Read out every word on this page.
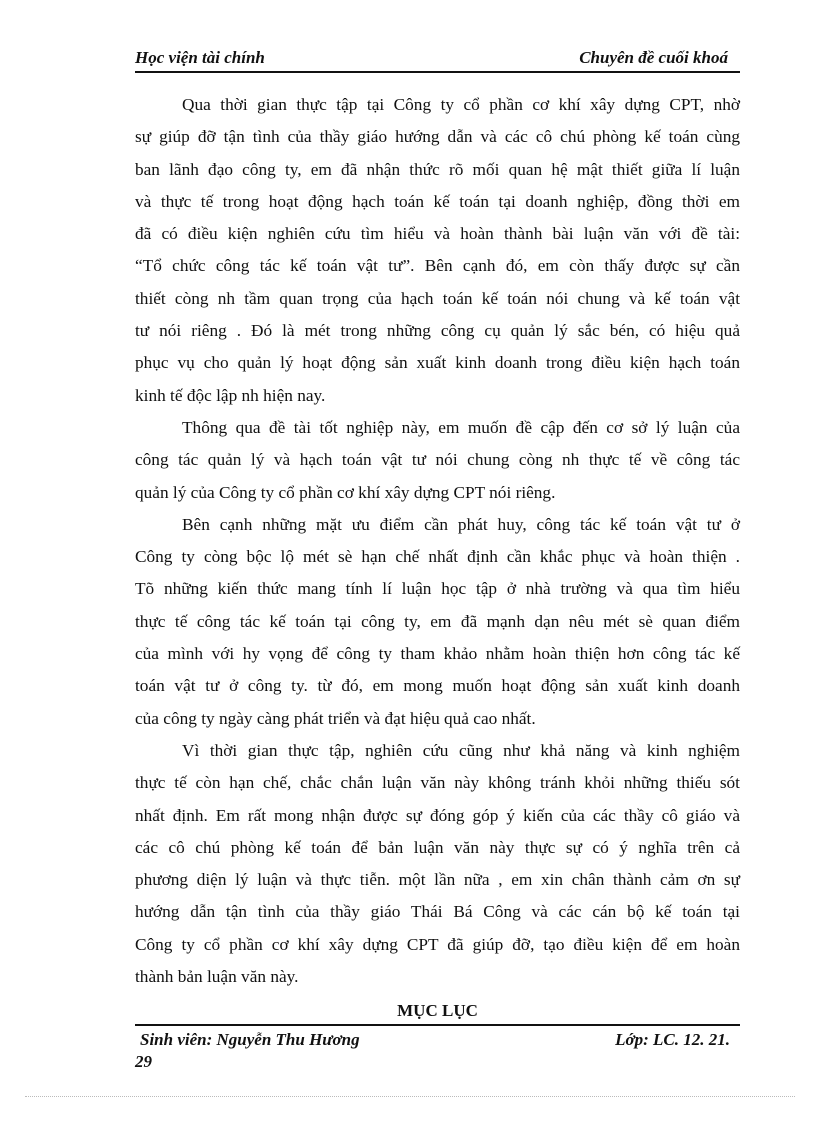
Học viện tài chính	Chuyên đề cuối khoá
Qua thời gian thực tập tại Công ty cổ phần cơ khí xây dựng CPT, nhờ
sự giúp đỡ tận tình của thầy giáo hướng dẫn và các cô chú phòng kế toán cùng
ban lãnh đạo công ty, em đã nhận thức rõ mối quan hệ mật thiết giữa lí luận
và thực tế trong hoạt động hạch toán kế toán tại doanh nghiệp, đồng thời em
đã có điều kiện nghiên cứu tìm hiểu và hoàn thành bài luận văn với đề tài:
“Tổ chức công tác kế toán vật tư”. Bên cạnh đó, em còn thấy được sự cần
thiết còng nh tầm quan trọng của hạch toán kế toán nói chung và kế toán vật
tư nói riêng . Đó là mét trong những công cụ quản lý sắc bén, có hiệu quả
phục vụ cho quản lý hoạt động sản xuất kinh doanh trong điều kiện hạch toán
kinh tế độc lập nh hiện nay.
Thông qua đề tài tốt nghiệp này, em muốn đề cập đến cơ sở lý luận của
công tác quản lý và hạch toán vật tư nói chung còng nh thực tế về công tác
quản lý của Công ty cổ phần cơ khí xây dựng CPT nói riêng.
Bên cạnh những mặt ưu điểm cần phát huy, công tác kế toán vật tư ở
Công ty còng bộc lộ mét sè hạn chế nhất định cần khắc phục và hoàn thiện .
Tõ những kiến thức mang tính lí luận học tập ở nhà trường và qua tìm hiểu
thực tế công tác kế toán tại công ty, em đã mạnh dạn nêu mét sè quan điểm
của mình với hy vọng để công ty tham khảo nhằm hoàn thiện hơn công tác kế
toán vật tư ở công ty. từ đó, em mong muốn hoạt động sản xuất kinh doanh
của công ty ngày càng phát triển và đạt hiệu quả cao nhất.
Vì thời gian thực tập, nghiên cứu cũng như khả năng và kinh nghiệm
thực tế còn hạn chế, chắc chắn luận văn này không tránh khỏi những thiếu sót
nhất định. Em rất mong nhận được sự đóng góp ý kiến của các thầy cô giáo và
các cô chú phòng kế toán để bản luận văn này thực sự có ý nghĩa trên cả
phương diện lý luận và thực tiễn. một lần nữa , em xin chân thành cảm ơn sự
hướng dẫn tận tình của thầy giáo Thái Bá Công và các cán bộ kế toán tại
Công ty cổ phần cơ khí xây dựng CPT đã giúp đỡ, tạo điều kiện để em hoàn
thành bản luận văn này.
MỤC LỤC
Sinh viên: Nguyễn Thu Hương	Lớp: LC. 12. 21.
29
